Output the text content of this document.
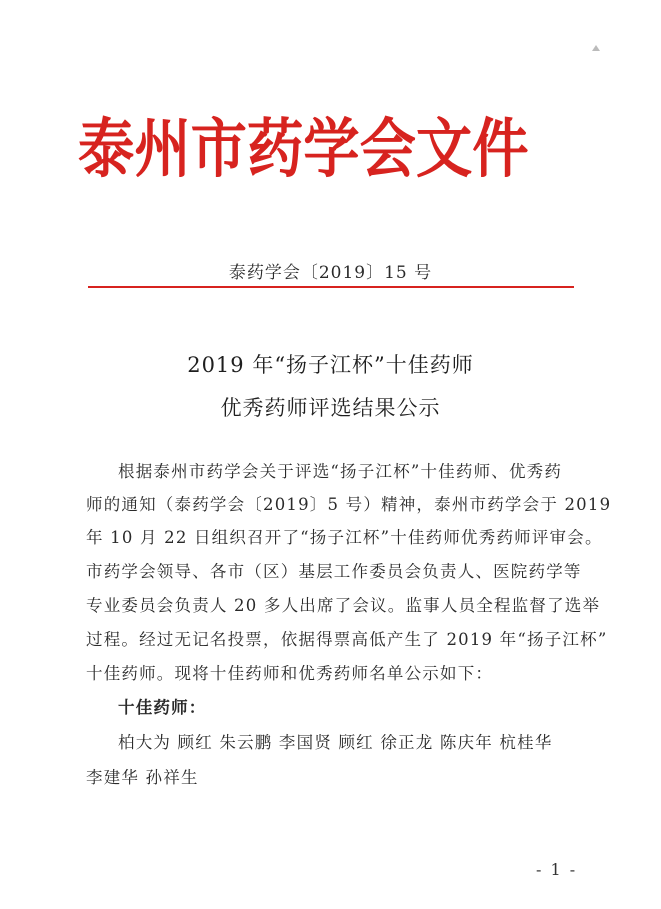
泰州市药学会文件
泰药学会〔2019〕15 号
2019 年“扬子江杯”十佳药师
优秀药师评选结果公示
根据泰州市药学会关于评选“扬子江杯”十佳药师、优秀药
师的通知（泰药学会〔2019〕5 号）精神，泰州市药学会于 2019
年 10 月 22 日组织召开了“扬子江杯”十佳药师优秀药师评审会。
市药学会领导、各市（区）基层工作委员会负责人、医院药学等
专业委员会负责人 20 多人出席了会议。监事人员全程监督了选举
过程。经过无记名投票，依据得票高低产生了 2019 年“扬子江杯”
十佳药师。现将十佳药师和优秀药师名单公示如下：
十佳药师：
柏大为 顾红 朱云鹏 李国贤 顾红 徐正龙 陈庆年 杭桂华
李建华 孙祥生
- 1 -
